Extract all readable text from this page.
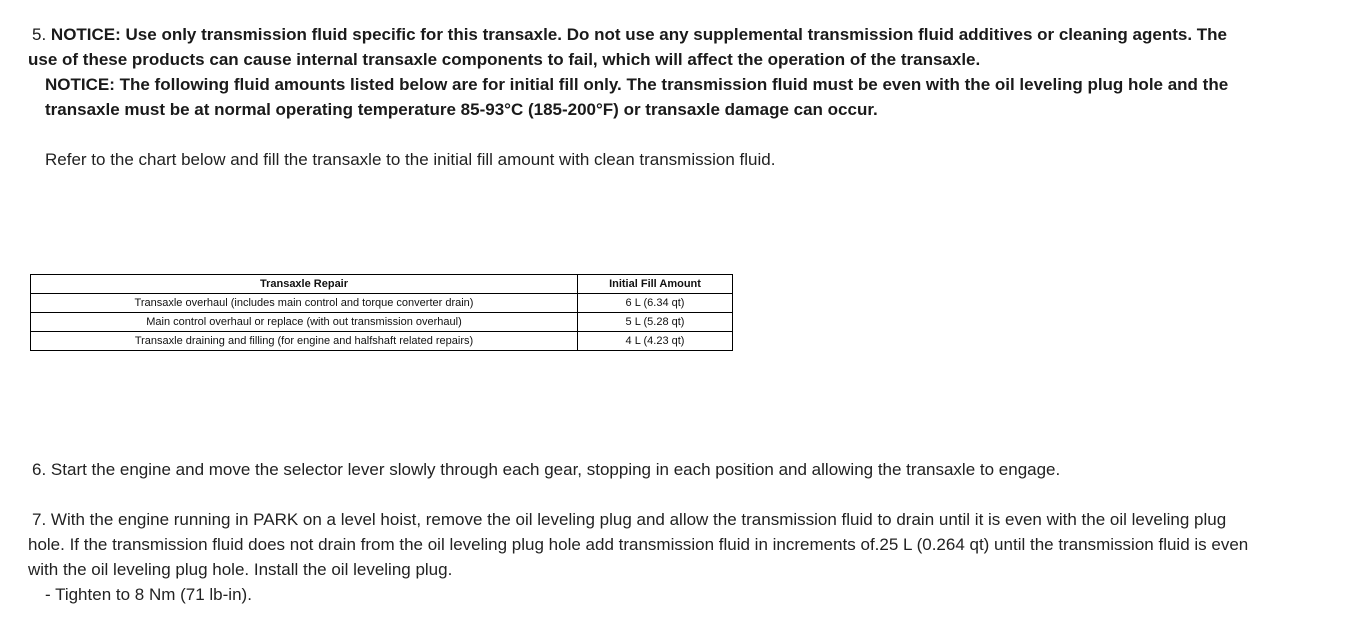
5. NOTICE: Use only transmission fluid specific for this transaxle. Do not use any supplemental transmission fluid additives or cleaning agents. The use of these products can cause internal transaxle components to fail, which will affect the operation of the transaxle.

NOTICE: The following fluid amounts listed below are for initial fill only. The transmission fluid must be even with the oil leveling plug hole and the transaxle must be at normal operating temperature 85-93°C (185-200°F) or transaxle damage can occur.

Refer to the chart below and fill the transaxle to the initial fill amount with clean transmission fluid.

Transaxle Repair	Initial Fill Amount
Transaxle overhaul (includes main control and torque converter drain)	6 L (6.34 qt)
Main control overhaul or replace (with out transmission overhaul)	5 L (5.28 qt)
Transaxle draining and filling (for engine and halfshaft related repairs)	4 L (4.23 qt)

6. Start the engine and move the selector lever slowly through each gear, stopping in each position and allowing the transaxle to engage.

7. With the engine running in PARK on a level hoist, remove the oil leveling plug and allow the transmission fluid to drain until it is even with the oil leveling plug hole. If the transmission fluid does not drain from the oil leveling plug hole add transmission fluid in increments of.25 L (0.264 qt) until the transmission fluid is even with the oil leveling plug hole. Install the oil leveling plug.

- Tighten to 8 Nm (71 lb-in).
